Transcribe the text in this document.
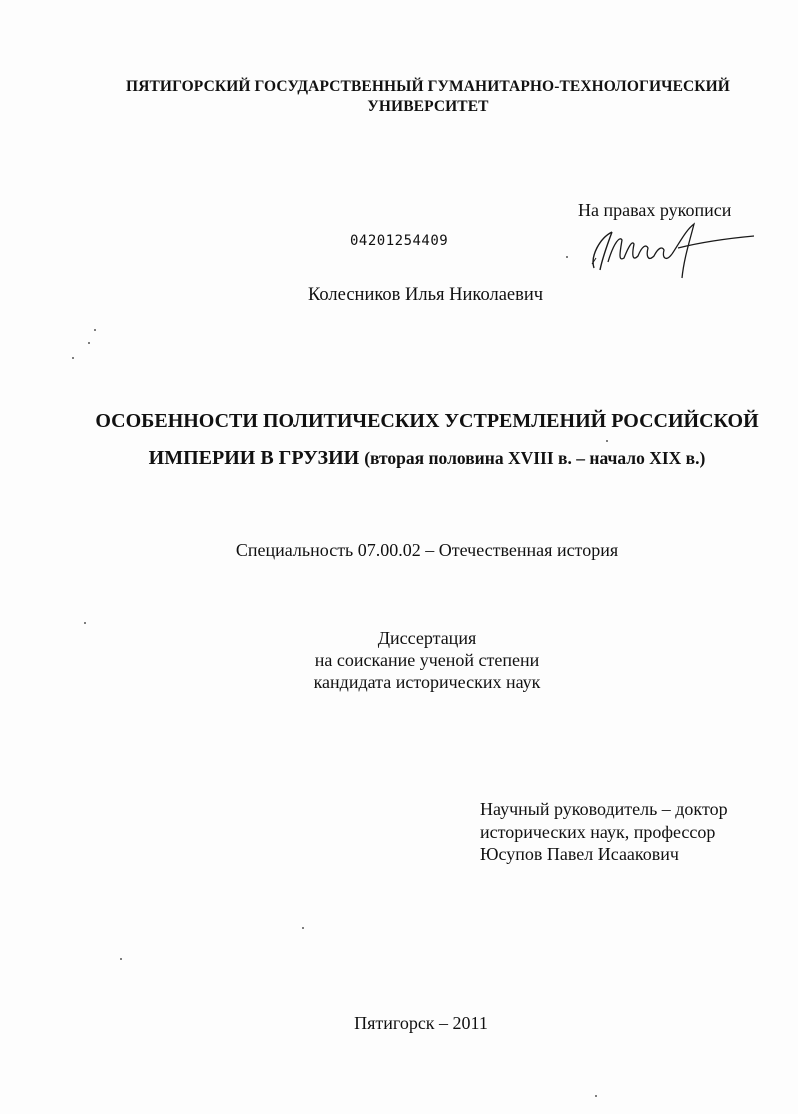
ПЯТИГОРСКИЙ ГОСУДАРСТВЕННЫЙ ГУМАНИТАРНО-ТЕХНОЛОГИЧЕСКИЙ
УНИВЕРСИТЕТ
На правах рукописи
04201254409
Колесников Илья Николаевич
ОСОБЕННОСТИ ПОЛИТИЧЕСКИХ УСТРЕМЛЕНИЙ РОССИЙСКОЙ
ИМПЕРИИ В ГРУЗИИ (вторая половина XVIII в. – начало XIX в.)
Специальность 07.00.02 – Отечественная история
Диссертация
на соискание ученой степени
кандидата исторических наук
Научный руководитель – доктор
исторических наук, профессор
Юсупов Павел Исаакович
Пятигорск – 2011
